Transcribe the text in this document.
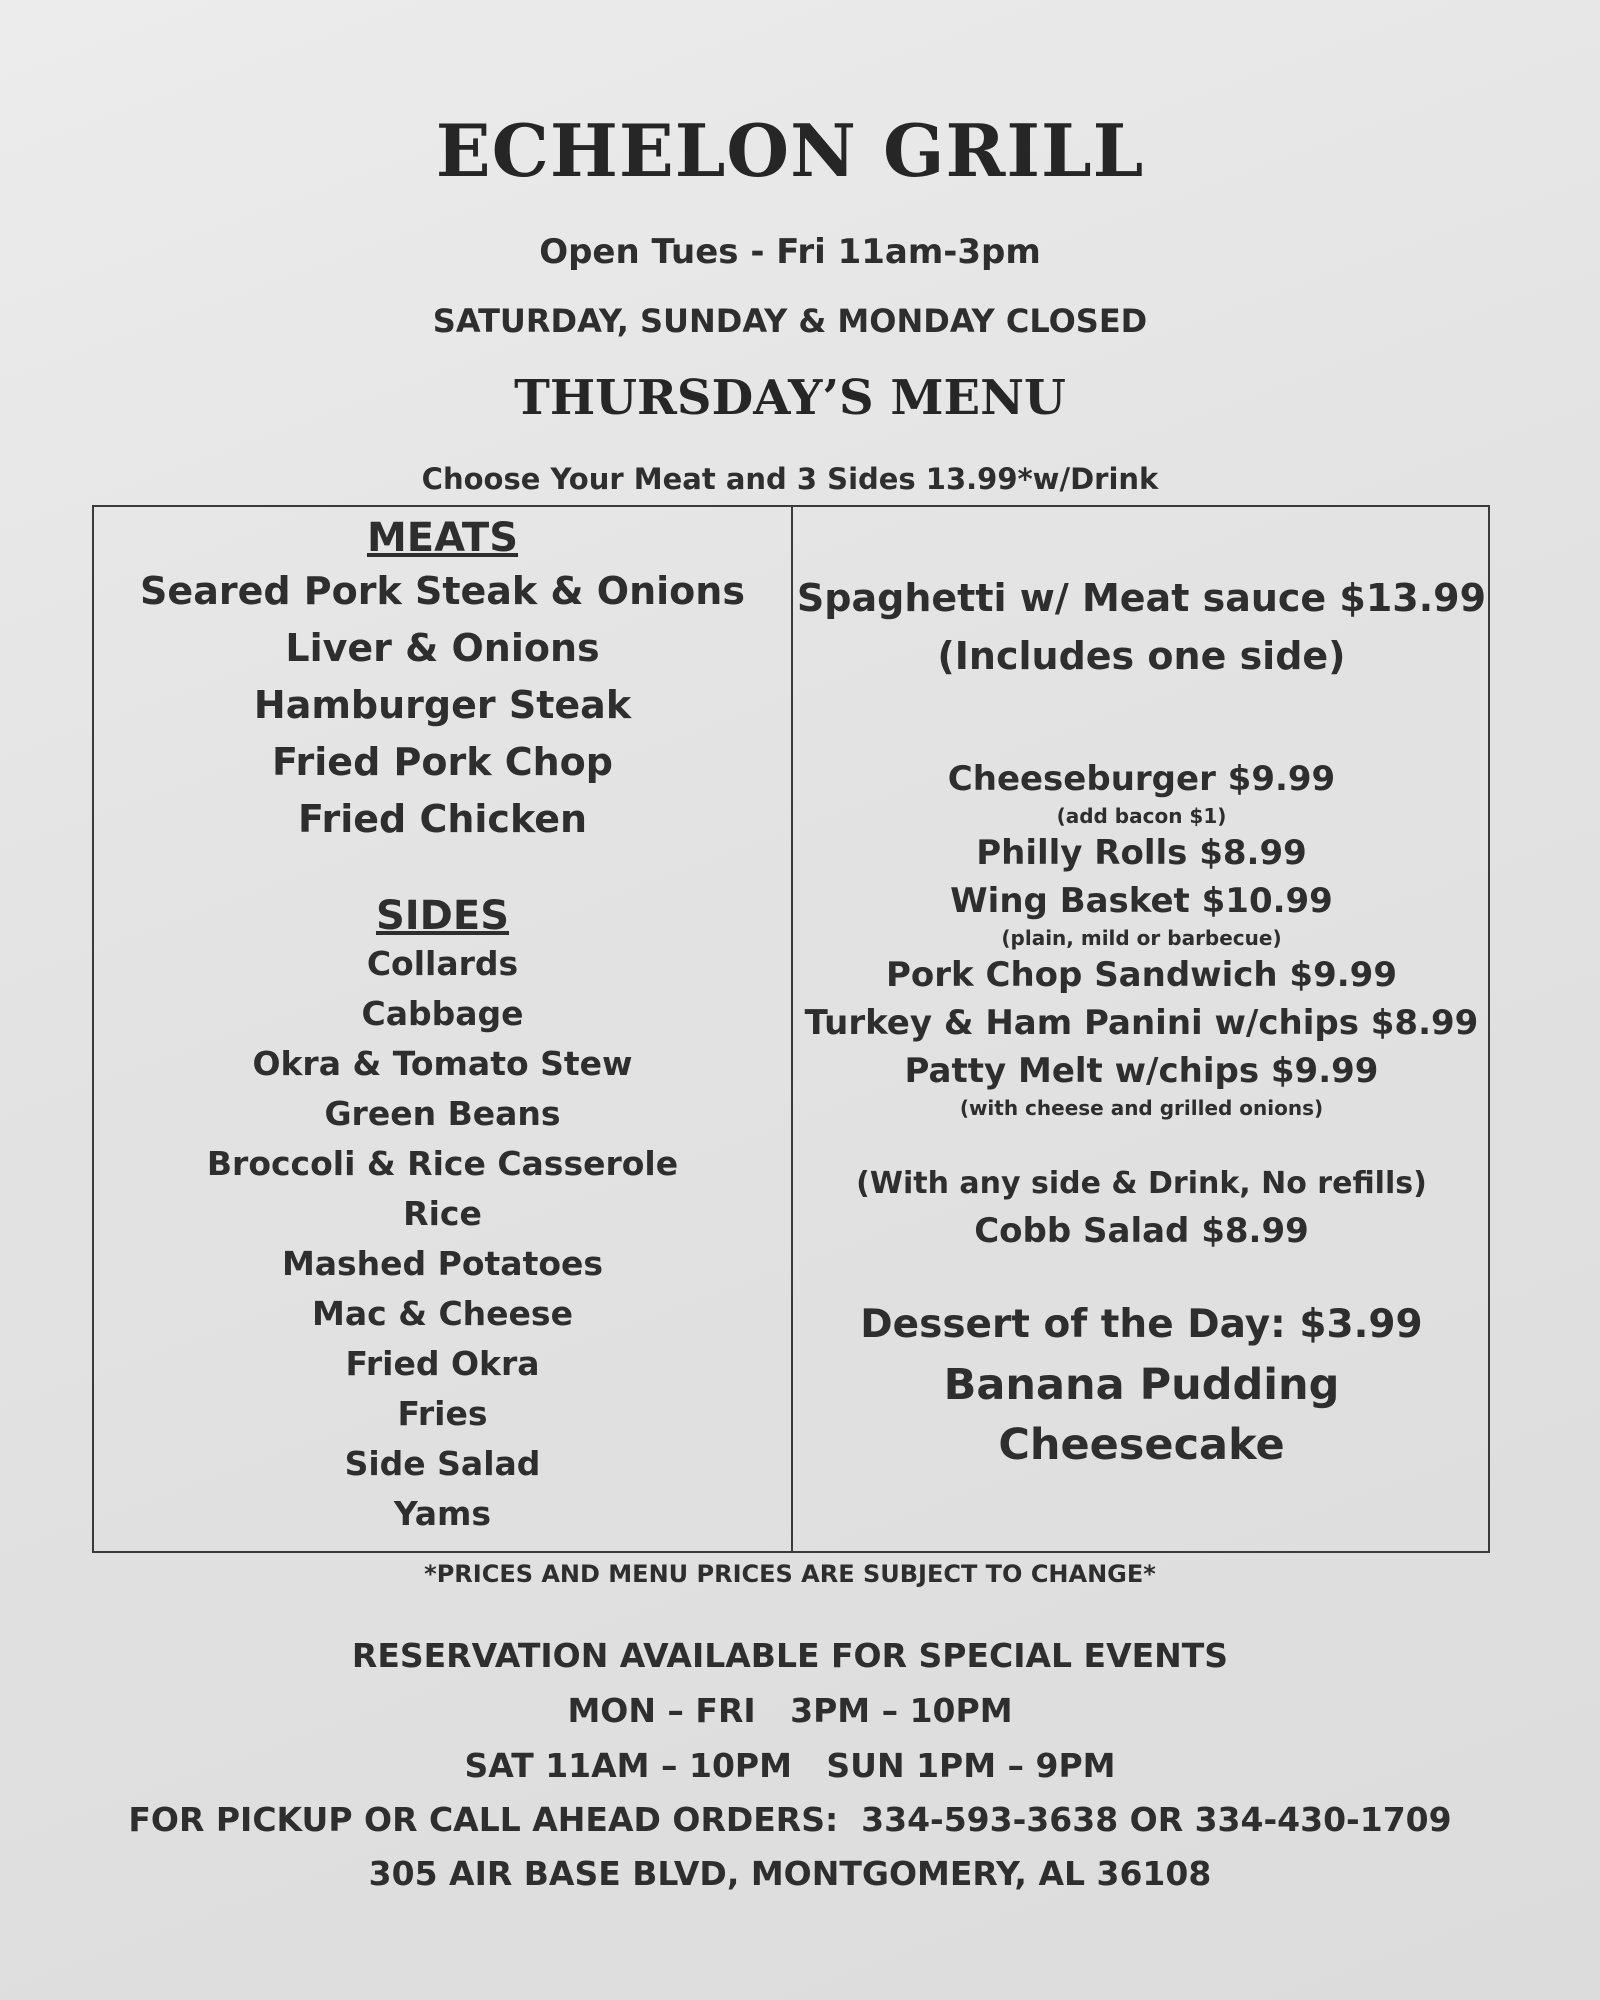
ECHELON GRILL
Open Tues - Fri 11am-3pm
SATURDAY, SUNDAY & MONDAY CLOSED
THURSDAY’S MENU
Choose Your Meat and 3 Sides 13.99*w/Drink
MEATS
Seared Pork Steak & Onions
Liver & Onions
Hamburger Steak
Fried Pork Chop
Fried Chicken
SIDES
Collards
Cabbage
Okra & Tomato Stew
Green Beans
Broccoli & Rice Casserole
Rice
Mashed Potatoes
Mac & Cheese
Fried Okra
Fries
Side Salad
Yams
Spaghetti w/ Meat sauce $13.99
(Includes one side)
Cheeseburger $9.99
(add bacon $1)
Philly Rolls $8.99
Wing Basket $10.99
(plain, mild or barbecue)
Pork Chop Sandwich $9.99
Turkey & Ham Panini w/chips $8.99
Patty Melt w/chips $9.99
(with cheese and grilled onions)
(With any side & Drink, No refills)
Cobb Salad $8.99
Dessert of the Day: $3.99
Banana Pudding Cheesecake
*PRICES AND MENU PRICES ARE SUBJECT TO CHANGE*
RESERVATION AVAILABLE FOR SPECIAL EVENTS
MON – FRI   3PM – 10PM
SAT 11AM – 10PM   SUN 1PM – 9PM
FOR PICKUP OR CALL AHEAD ORDERS:  334-593-3638 OR 334-430-1709
305 AIR BASE BLVD, MONTGOMERY, AL 36108
